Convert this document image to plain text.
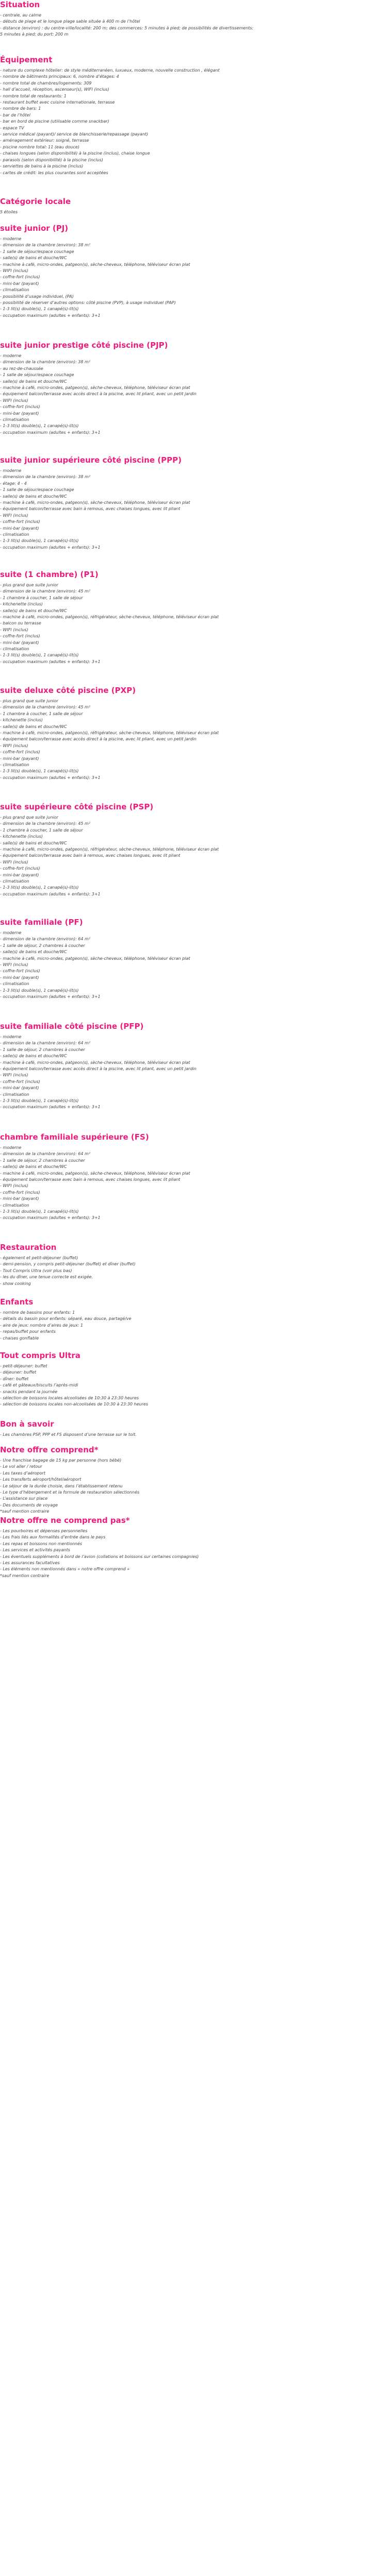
Situation
- centrale, au calme
- débuts de plage et le longue plage sable située à 400 m de l’hôtel
- distance (environ) : du centre-ville/localité: 200 m; des commerces: 5 minutes à pied; de possibilités de divertissements:
5 minutes à pied; du port: 200 m
Équipement
- nature du complexe hôtelier: de style méditerranéen, luxueux, moderne, nouvelle construction , élégant
- nombre de bâtiments principaux: 6, nombre d’étages: 4
- nombre total de chambres/logements: 309
- hall d’accueil, réception, ascenseur(s), WIFI (inclus)
- nombre total de restaurants: 1
- restaurant buffet avec cuisine internationale, terrasse
- nombre de bars: 1
- bar de l’hôtel
- bar en bord de piscine (utilisable comme snackbar)
- espace TV
- service médical (payant)/ service de blanchisserie/repassage (payant)
- aménagement extérieur: soigné, terrasse
- piscine nombre total: 11 (eau douce)
- chaises longues (selon disponibilité) à la piscine (inclus), chaise longue
- parasols (selon disponibilité) à la piscine (inclus)
- serviettes de bains à la piscine (inclus)
- cartes de crédit: les plus courantes sont acceptées
Catégorie locale

5 étoiles

suite junior (PJ)
- moderne
- dimension de la chambre (environ): 38 m²
- 1 salle de séjour/espace couchage
- salle(s) de bains et douche/WC
- machine à café, micro-ondes, patgeon(s), sèche-cheveux, téléphone, téléviseur écran plat
- WIFI (inclus)
- coffre-fort (inclus)
- mini-bar (payant)
- climatisation
- possibilité d’usage individuel, (PA)
- possibilité de réserver d’autres options: côté piscine (PVP), à usage individuel (PAP)
- 1-3 lit(s) double(s), 1 canapé(s)-lit(s)
- occupation maximum (adultes + enfants): 3+1
suite junior prestige côté piscine (PJP)
- moderne
- dimension de la chambre (environ): 38 m²
- au rez-de-chaussée
- 1 salle de séjour/espace couchage
- salle(s) de bains et douche/WC
- machine à café, micro-ondes, patgeon(s), sèche-cheveux, téléphone, téléviseur écran plat
- équipement balcon/terrasse avec accès direct à la piscine, avec lit pliant, avec un petit jardin
- WIFI (inclus)
- coffre-fort (inclus)
- mini-bar (payant)
- climatisation
- 1-3 lit(s) double(s), 1 canapé(s)-lit(s)
- occupation maximum (adultes + enfants): 3+1
suite junior supérieure côté piscine (PPP)
- moderne
- dimension de la chambre (environ): 38 m²
- étage: 4 - 4
- 1 salle de séjour/espace couchage
- salle(s) de bains et douche/WC
- machine à café, micro-ondes, patgeon(s), sèche-cheveux, téléphone, téléviseur écran plat
- équipement balcon/terrasse avec bain à remous, avec chaises longues, avec lit pliant
- WIFI (inclus)
- coffre-fort (inclus)
- mini-bar (payant)
- climatisation
- 1-3 lit(s) double(s), 1 canapé(s)-lit(s)
- occupation maximum (adultes + enfants): 3+1
suite (1 chambre) (P1)
- plus grand que suite junior
- dimension de la chambre (environ): 45 m²
- 1 chambre à coucher, 1 salle de séjour
- kitchenette (inclus)
- salle(s) de bains et douche/WC
- machine à café, micro-ondes, patgeon(s), réfrigérateur, sèche-cheveux, téléphone, téléviseur écran plat
- balcon ou terrasse
- WIFI (inclus)
- coffre-fort (inclus)
- mini-bar (payant)
- climatisation
- 1-3 lit(s) double(s), 1 canapé(s)-lit(s)
- occupation maximum (adultes + enfants): 3+1
suite deluxe côté piscine (PXP)
- plus grand que suite junior
- dimension de la chambre (environ): 45 m²
- 1 chambre à coucher, 1 salle de séjour
- kitchenette (inclus)
- salle(s) de bains et douche/WC
- machine à café, micro-ondes, patgeon(s), réfrigérateur, sèche-cheveux, téléphone, téléviseur écran plat
- équipement balcon/terrasse avec accès direct à la piscine, avec lit pliant, avec un petit jardin
- WIFI (inclus)
- coffre-fort (inclus)
- mini-bar (payant)
- climatisation
- 1-3 lit(s) double(s), 1 canapé(s)-lit(s)
- occupation maximum (adultes + enfants): 3+1
suite supérieure côté piscine (PSP)
- plus grand que suite junior
- dimension de la chambre (environ): 45 m²
- 1 chambre à coucher, 1 salle de séjour
- kitchenette (inclus)
- salle(s) de bains et douche/WC
- machine à café, micro-ondes, patgeon(s), réfrigérateur, sèche-cheveux, téléphone, téléviseur écran plat
- équipement balcon/terrasse avec bain à remous, avec chaises longues, avec lit pliant
- WIFI (inclus)
- coffre-fort (inclus)
- mini-bar (payant)
- climatisation
- 1-3 lit(s) double(s), 1 canapé(s)-lit(s)
- occupation maximum (adultes + enfants): 3+1
suite familiale (PF)
- moderne
- dimension de la chambre (environ): 64 m²
- 1 salle de séjour, 2 chambres à coucher
- salle(s) de bains et douche/WC
- machine à café, micro-ondes, patgeon(s), sèche-cheveux, téléphone, téléviseur écran plat
- WIFI (inclus)
- coffre-fort (inclus)
- mini-bar (payant)
- climatisation
- 1-3 lit(s) double(s), 1 canapé(s)-lit(s)
- occupation maximum (adultes + enfants): 3+1
suite familiale côté piscine (PFP)
- moderne
- dimension de la chambre (environ): 64 m²
- 1 salle de séjour, 2 chambres à coucher
- salle(s) de bains et douche/WC
- machine à café, micro-ondes, patgeon(s), sèche-cheveux, téléphone, téléviseur écran plat
- équipement balcon/terrasse avec accès direct à la piscine, avec lit pliant, avec un petit jardin
- WIFI (inclus)
- coffre-fort (inclus)
- mini-bar (payant)
- climatisation
- 1-3 lit(s) double(s), 1 canapé(s)-lit(s)
- occupation maximum (adultes + enfants): 3+1
chambre familiale supérieure (FS)
- moderne
- dimension de la chambre (environ): 64 m²
- 1 salle de séjour, 2 chambres à coucher
- salle(s) de bains et douche/WC
- machine à café, micro-ondes, patgeon(s), sèche-cheveux, téléphone, téléviseur écran plat
- équipement balcon/terrasse avec bain à remous, avec chaises longues, avec lit pliant
- WIFI (inclus)
- coffre-fort (inclus)
- mini-bar (payant)
- climatisation
- 1-3 lit(s) double(s), 1 canapé(s)-lit(s)
- occupation maximum (adultes + enfants): 3+1
Restauration
- également et petit-déjeuner (buffet)
- demi-pension, y compris petit-déjeuner (buffet) et dîner (buffet)
- Tout Compris Ultra (voir plus bas)
- les du dîner, une tenue correcte est exigée.
- show cooking
Enfants
- nombre de bassins pour enfants: 1
- détails du bassin pour enfants: séparé, eau douce, partagé/ve
- aire de jeux: nombre d’aires de jeux: 1
- repas/buffet pour enfants
- chaises gonflable
Tout compris Ultra
- petit-déjeuner: buffet
- déjeuner: buffet
- dîner: buffet
- café et gâteaux/biscuits l’après-midi
- snacks pendant la journée
- sélection de boissons locales alcoolisées de 10:30 à 23:30 heures
- sélection de boissons locales non-alcoolisées de 10:30 à 23:30 heures
Bon à savoir
- Les chambres PSP, PPP et FS disposent d’une terrasse sur le toit.
Notre offre comprend*
- Une franchise bagage de 15 kg par personne (hors bébé)
- Le vol aller / retour
- Les taxes d’aéroport
- Les transferts aéroport/hôtel/aéroport
- Le séjour de la durée choisie, dans l’établissement retenu
- Le type d’hébergement et la formule de restauration sélectionnés
- L’assistance sur place
- Des documents de voyage
*sauf mention contraire
Notre offre ne comprend pas*
- Les pourboires et dépenses personnelles
- Les frais liés aux formalités d’entrée dans le pays
- Les repas et boissons non mentionnés
- Les services et activités payants
- Les éventuels suppléments à bord de l’avion (collations et boissons sur certaines compagnies)
- Les assurances facultatives
- Les éléments non mentionnés dans « notre offre comprend »
*sauf mention contraire
